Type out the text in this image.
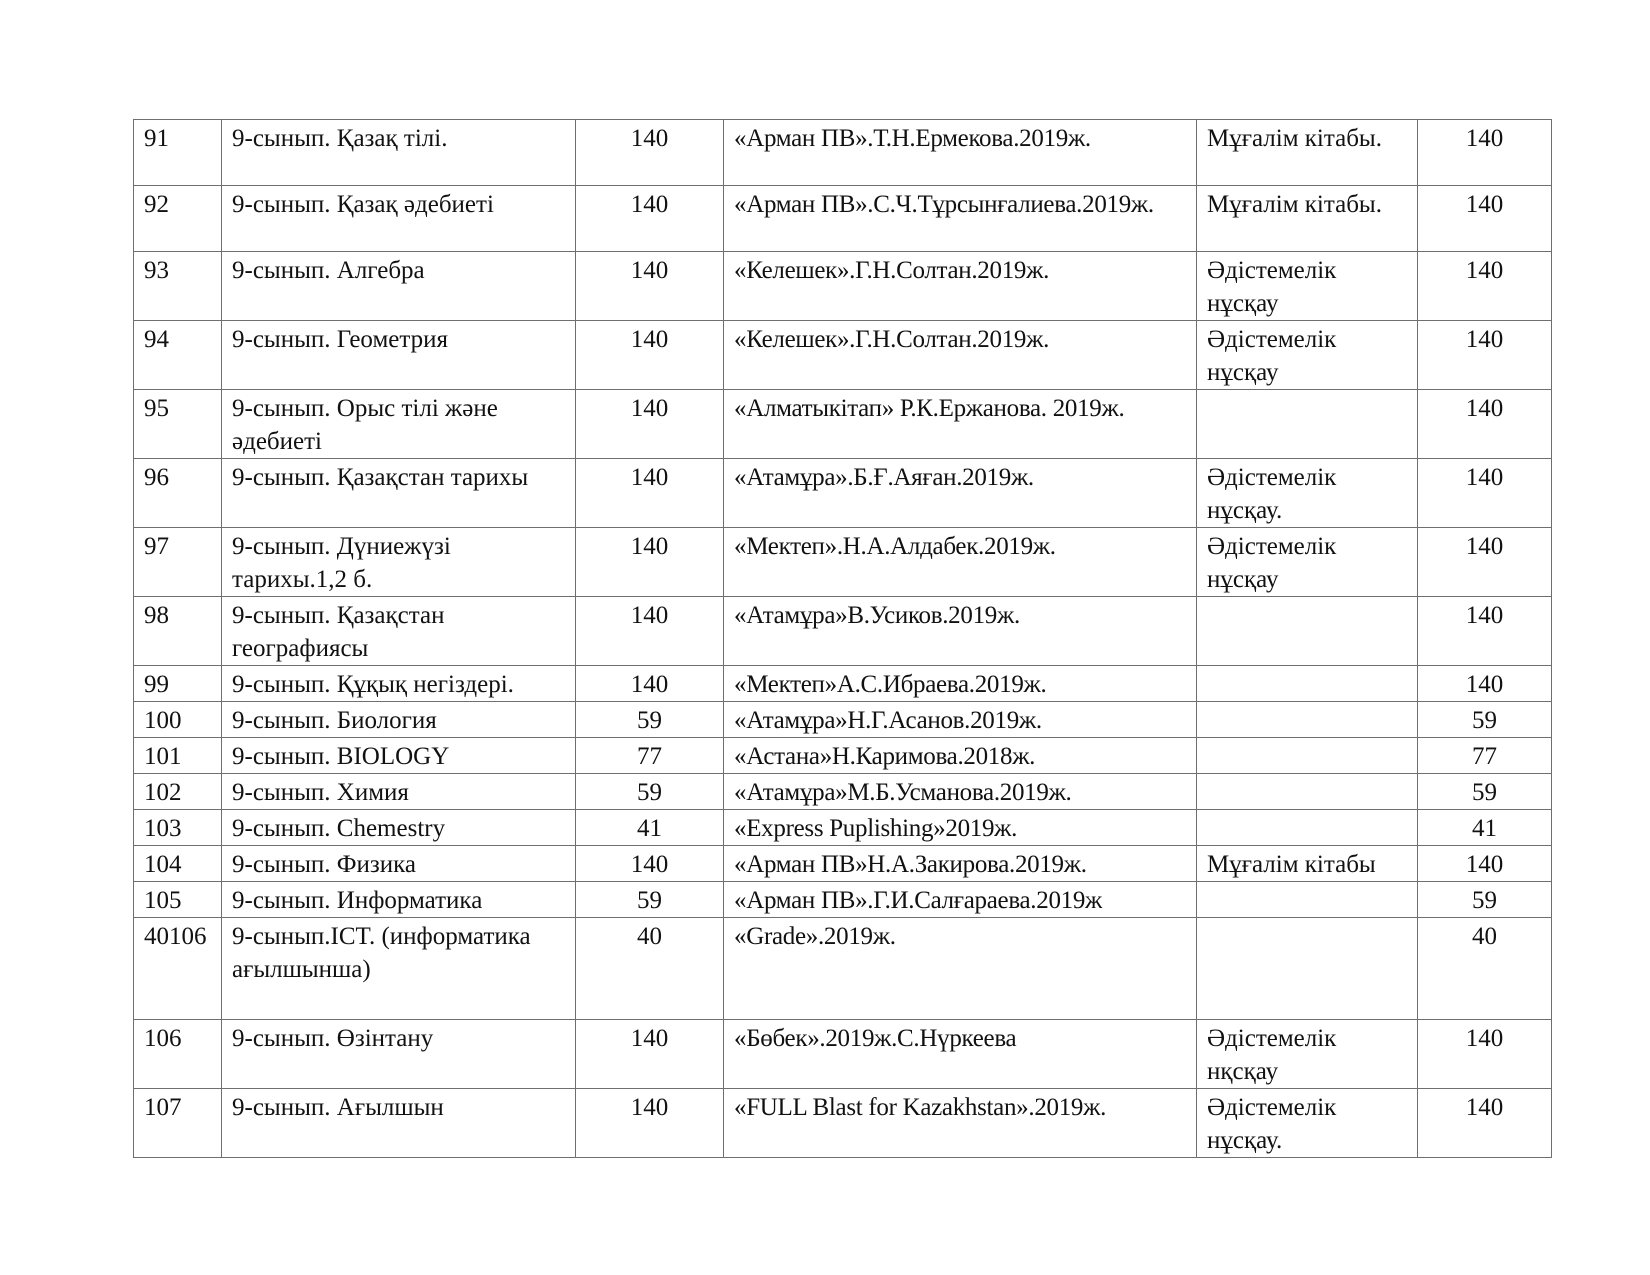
91	9-сынып. Қазақ тілі.	140	«Арман ПВ».Т.Н.Ермекова.2019ж.	Мұғалім кітабы.	140
92	9-сынып. Қазақ әдебиеті	140	«Арман ПВ».С.Ч.Тұрсынғалиева.2019ж.	Мұғалім кітабы.	140
93	9-сынып. Алгебра	140	«Келешек».Г.Н.Солтан.2019ж.	Әдістемелік нұсқау	140
94	9-сынып. Геометрия	140	«Келешек».Г.Н.Солтан.2019ж.	Әдістемелік нұсқау	140
95	9-сынып. Орыс тілі және әдебиеті	140	«Алматыкітап» Р.К.Ержанова. 2019ж.		140
96	9-сынып. Қазақстан тарихы	140	«Атамұра».Б.Ғ.Аяған.2019ж.	Әдістемелік нұсқау.	140
97	9-сынып. Дүниежүзі тарихы.1,2 б.	140	«Мектеп».Н.А.Алдабек.2019ж.	Әдістемелік нұсқау	140
98	9-сынып. Қазақстан географиясы	140	«Атамұра»В.Усиков.2019ж.		140
99	9-сынып. Құқық негіздері.	140	«Мектеп»А.С.Ибраева.2019ж.		140
100	9-сынып. Биология	59	«Атамұра»Н.Г.Асанов.2019ж.		59
101	9-сынып. BIOLOGY	77	«Астана»Н.Каримова.2018ж.		77
102	9-сынып. Химия	59	«Атамұра»М.Б.Усманова.2019ж.		59
103	9-сынып. Chemestry	41	«Express Puplishing»2019ж.		41
104	9-сынып. Физика	140	«Арман ПВ»Н.А.Закирова.2019ж.	Мұғалім кітабы	140
105	9-сынып. Информатика	59	«Арман ПВ».Г.И.Салғараева.2019ж		59
40106	9-сынып.ICT. (информатика ағылшынша)	40	«Grade».2019ж.		40
106	9-сынып. Өзінтану	140	«Бөбек».2019ж.С.Нүркеева	Әдістемелік нқсқау	140
107	9-сынып. Ағылшын	140	«FULL Blast for Kazakhstan».2019ж.	Әдістемелік нұсқау.	140
